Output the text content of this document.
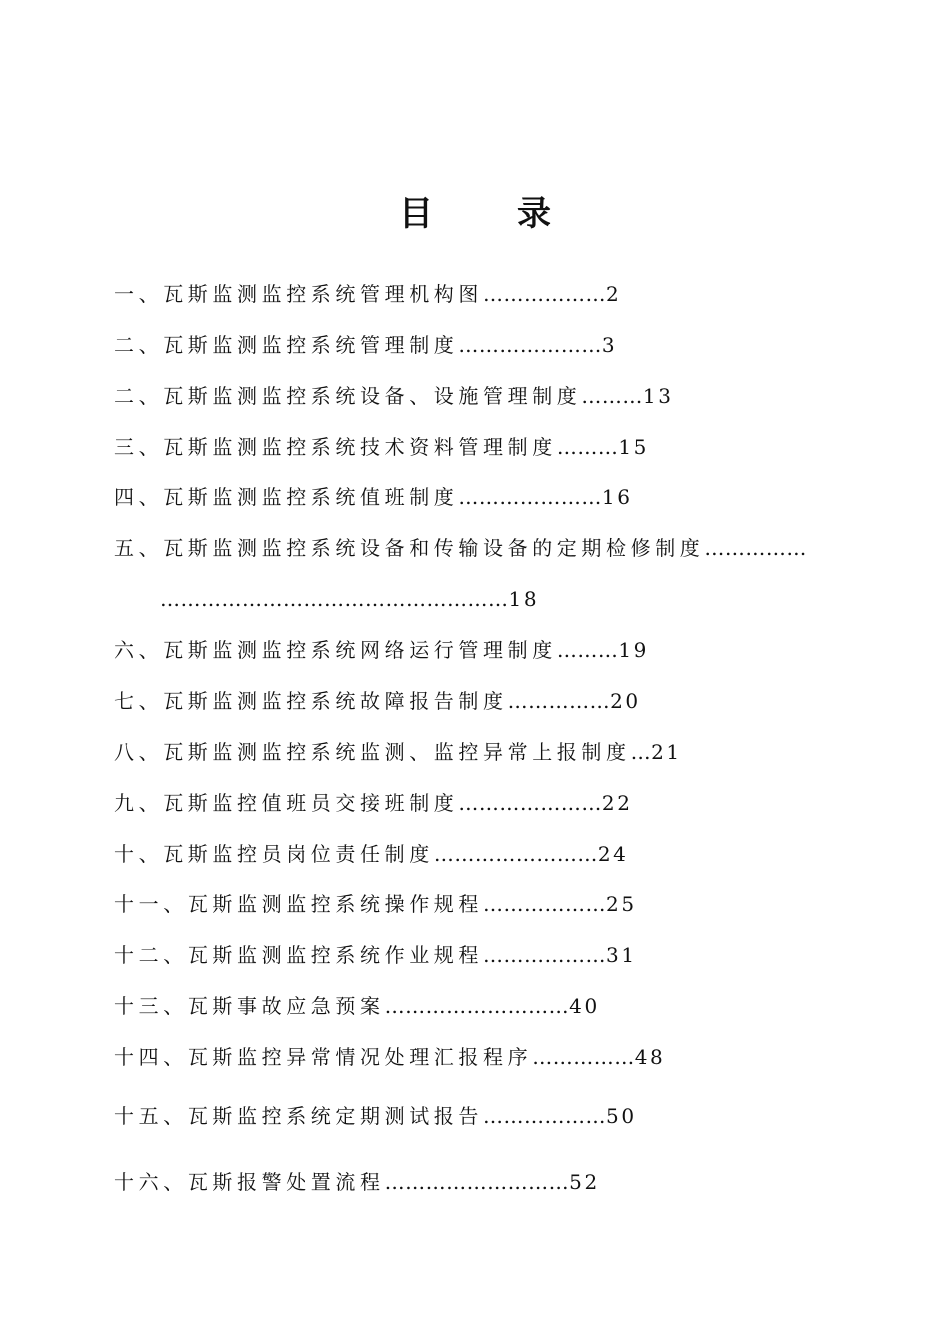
目 录
一、瓦斯监测监控系统管理机构图………………2
二、瓦斯监测监控系统管理制度…………………3
二、瓦斯监测监控系统设备、设施管理制度………13
三、瓦斯监测监控系统技术资料管理制度………15
四、瓦斯监测监控系统值班制度…………………16
五、瓦斯监测监控系统设备和传输设备的定期检修制度……………
……………………………………………18
六、瓦斯监测监控系统网络运行管理制度………19
七、瓦斯监测监控系统故障报告制度……………20
八、瓦斯监测监控系统监测、监控异常上报制度…21
九、瓦斯监控值班员交接班制度…………………22
十、瓦斯监控员岗位责任制度……………………24
十一、瓦斯监测监控系统操作规程………………25
十二、瓦斯监测监控系统作业规程………………31
十三、瓦斯事故应急预案………………………40
十四、瓦斯监控异常情况处理汇报程序……………48
十五、瓦斯监控系统定期测试报告………………50
十六、瓦斯报警处置流程………………………52
